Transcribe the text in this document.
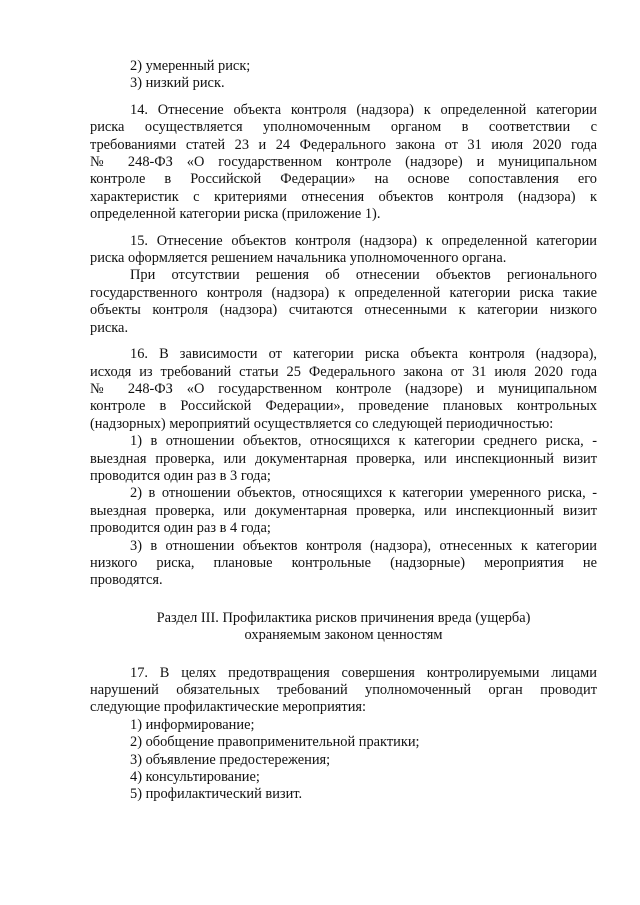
2) умеренный риск;
3) низкий риск.
14. Отнесение объекта контроля (надзора) к определенной категории
риска осуществляется уполномоченным органом в соответствии с
требованиями статей 23 и 24 Федерального закона от 31 июля 2020 года
№ 248-ФЗ «О государственном контроле (надзоре) и муниципальном
контроле в Российской Федерации» на основе сопоставления его
характеристик с критериями отнесения объектов контроля (надзора) к
определенной категории риска (приложение 1).
15. Отнесение объектов контроля (надзора) к определенной категории
риска оформляется решением начальника уполномоченного органа.
При отсутствии решения об отнесении объектов регионального
государственного контроля (надзора) к определенной категории риска такие
объекты контроля (надзора) считаются отнесенными к категории низкого
риска.
16. В зависимости от категории риска объекта контроля (надзора),
исходя из требований статьи 25 Федерального закона от 31 июля 2020 года
№ 248-ФЗ «О государственном контроле (надзоре) и муниципальном
контроле в Российской Федерации», проведение плановых контрольных
(надзорных) мероприятий осуществляется со следующей периодичностью:
1) в отношении объектов, относящихся к категории среднего риска, -
выездная проверка, или документарная проверка, или инспекционный визит
проводится один раз в 3 года;
2) в отношении объектов, относящихся к категории умеренного риска, -
выездная проверка, или документарная проверка, или инспекционный визит
проводится один раз в 4 года;
3) в отношении объектов контроля (надзора), отнесенных к категории
низкого риска, плановые контрольные (надзорные) мероприятия не
проводятся.
Раздел III. Профилактика рисков причинения вреда (ущерба)
охраняемым законом ценностям
17. В целях предотвращения совершения контролируемыми лицами
нарушений обязательных требований уполномоченный орган проводит
следующие профилактические мероприятия:
1) информирование;
2) обобщение правоприменительной практики;
3) объявление предостережения;
4) консультирование;
5) профилактический визит.
